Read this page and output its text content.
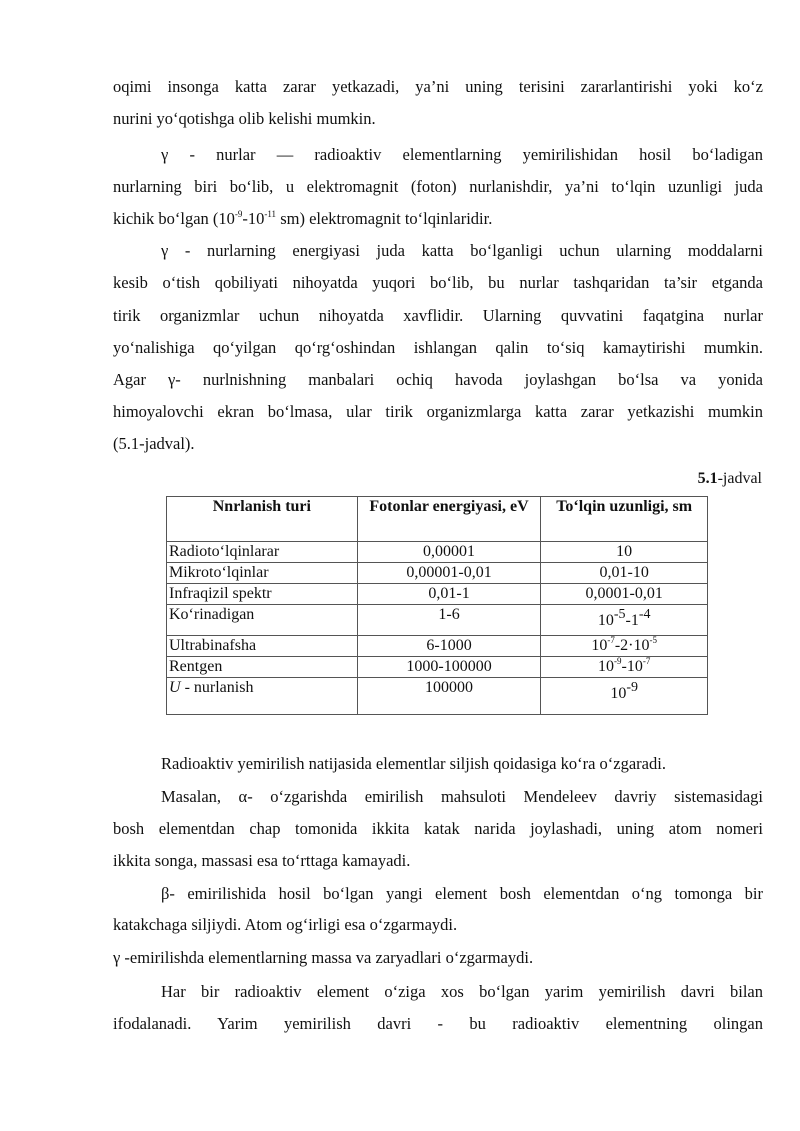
oqimi insonga katta zarar yetkazadi, ya’ni uning terisini zararlantirishi yoki ko‘z
nurini yo‘qotishga olib kelishi mumkin.
γ - nurlar — radioaktiv elementlarning yemirilishidan hosil bo‘ladigan
nurlarning biri bo‘lib, u elektromagnit (foton) nurlanishdir, ya’ni to‘lqin uzunligi juda
kichik bo‘lgan ($10^{-9}-10^{-11}$ sm) elektromagnit to‘lqinlaridir.
γ - nurlarning energiyasi juda katta bo‘lganligi uchun ularning moddalarni
kesib o‘tish qobiliyati nihoyatda yuqori bo‘lib, bu nurlar tashqaridan ta’sir etganda
tirik organizmlar uchun nihoyatda xavflidir. Ularning quvvatini faqatgina nurlar
yo‘nalishiga qo‘yilgan qo‘rg‘oshindan ishlangan qalin to‘siq kamaytirishi mumkin.
Agar γ- nurlnishning manbalari ochiq havoda joylashgan bo‘lsa va yonida
himoyalovchi ekran bo‘lmasa, ular tirik organizmlarga katta zarar yetkazishi mumkin
(5.1-jadval).
5.1-jadval
Nnrlanish turi	Fotonlar energiyasi, eV	To‘lqin uzunligi, sm
Radioto‘lqinlarar	0,00001	10
Mikroto‘lqinlar	0,00001-0,01	0,01-10
Infraqizil spektr	0,01-1	0,0001-0,01
Ko‘rinadigan	1-6	10-5-1-4
Ultrabinafsha	6-1000	$10^{-7}-2\cdot 10^{-5}$
Rentgen	1000-100000	$10^{-9}-10^{-7}$
U - nurlanish	100000	10-9
Radioaktiv yemirilish natijasida elementlar siljish qoidasiga ko‘ra o‘zgaradi.
Masalan, α- o‘zgarishda emirilish mahsuloti Mendeleev davriy sistemasidagi
bosh elementdan chap tomonida ikkita katak narida joylashadi, uning atom nomeri
ikkita songa, massasi esa to‘rttaga kamayadi.
β- emirilishida hosil bo‘lgan yangi element bosh elementdan o‘ng tomonga bir
katakchaga siljiydi. Atom og‘irligi esa o‘zgarmaydi.
γ -emirilishda elementlarning massa va zaryadlari o‘zgarmaydi.
Har bir radioaktiv element o‘ziga xos bo‘lgan yarim yemirilish davri bilan
ifodalanadi. Yarim yemirilish davri - bu radioaktiv elementning olingan
